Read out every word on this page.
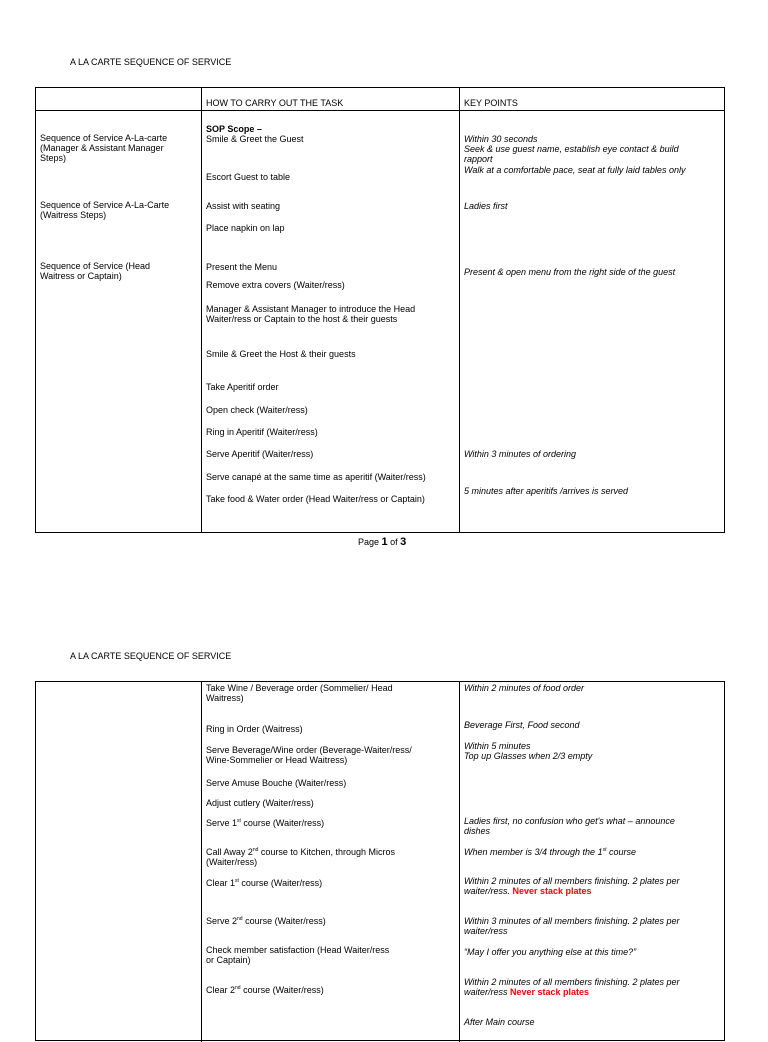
A LA CARTE SEQUENCE OF SERVICE
HOW TO CARRY OUT THE TASK	KEY POINTS
Sequence of Service A-La-carte
(Manager & Assistant Manager
Steps)
Sequence of Service A-La-Carte
(Waitress Steps)
Sequence of Service (Head
Waitress or Captain)
SOP Scope –
Smile & Greet the Guest
Escort Guest to table
Assist with seating
Place napkin on lap
Present the Menu
Remove extra covers (Waiter/ress)
Manager & Assistant Manager to introduce the Head
Waiter/ress or Captain to the host & their guests
Smile & Greet the Host & their guests
Take Aperitif order
Open check (Waiter/ress)
Ring in Aperitif (Waiter/ress)
Serve Aperitif (Waiter/ress)
Serve canapé at the same time as aperitif (Waiter/ress)
Take food & Water order (Head Waiter/ress or Captain)
Within 30 seconds
Seek & use guest name, establish eye contact & build
rapport
Walk at a comfortable pace, seat at fully laid tables only
Ladies first
Present & open menu from the right side of the guest
Within 3 minutes of ordering
5 minutes after aperitifs /arrives is served
Page 1 of 3
A LA CARTE SEQUENCE OF SERVICE
Take Wine / Beverage order (Sommelier/ Head
Waitress)
Ring in Order (Waitress)
Serve Beverage/Wine order (Beverage-Waiter/ress/
Wine-Sommelier or Head Waitress)
Serve Amuse Bouche (Waiter/ress)
Adjust cutlery (Waiter/ress)
Serve 1st course (Waiter/ress)
Call Away 2nd course to Kitchen, through Micros
(Waiter/ress)
Clear 1st course (Waiter/ress)
Serve 2nd course (Waiter/ress)
Check member satisfaction (Head Waiter/ress
or Captain)
Clear 2nd course (Waiter/ress)
Within 2 minutes of food order
Beverage First, Food second
Within 5 minutes
Top up Glasses when 2/3 empty
Ladies first, no confusion who get's what – announce
dishes
When member is 3/4 through the 1st course
Within 2 minutes of all members finishing. 2 plates per
waiter/ress. Never stack plates
Within 3 minutes of all members finishing. 2 plates per
waiter/ress
“May I offer you anything else at this time?”
Within 2 minutes of all members finishing. 2 plates per
waiter/ress Never stack plates
After Main course
